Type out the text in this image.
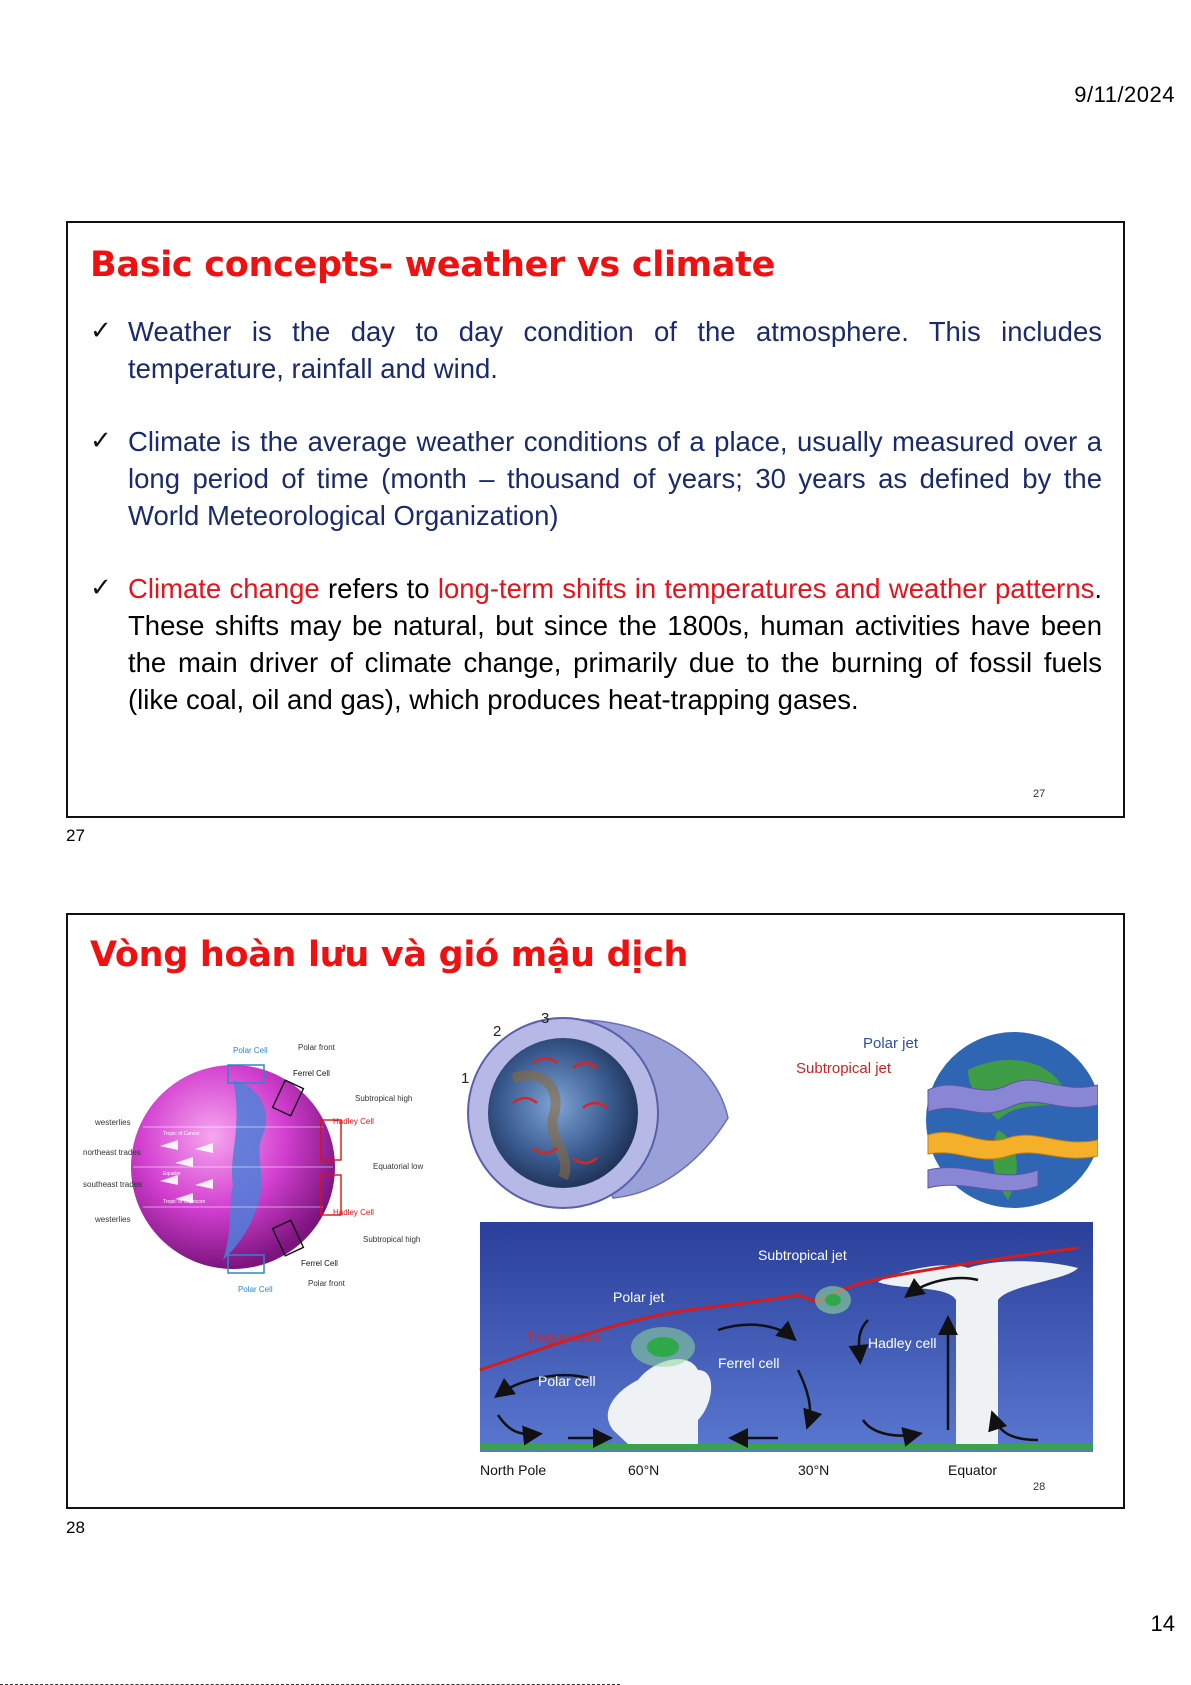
9/11/2024
Basic concepts- weather vs climate
✓ Weather is the day to day condition of the atmosphere. This includes temperature, rainfall and wind.
✓ Climate is the average weather conditions of a place, usually measured over a long period of time (month – thousand of years; 30 years as defined by the World Meteorological Organization)
✓ Climate change refers to long-term shifts in temperatures and weather patterns. These shifts may be natural, but since the 1800s, human activities have been the main driver of climate change, primarily due to the burning of fossil fuels (like coal, oil and gas), which produces heat-trapping gases.
27
27
Vòng hoàn lưu và gió mậu dịch
Polar Cell	Polar front
Ferrel Cell
Subtropical high
Hadley Cell
Equatorial low
Hadley Cell
Subtropical high
Ferrel Cell
Polar front
Polar Cell
westerlies
northeast trades
southeast trades
westerlies
Tropic of Cancer
Equator
Tropic of Capricorn
1
2
3
Polar jet
Subtropical jet
Subtropical jet
Polar jet
Tropopause
Polar cell
Ferrel cell
Hadley cell
North Pole	60°N	30°N	Equator
28
28
14
